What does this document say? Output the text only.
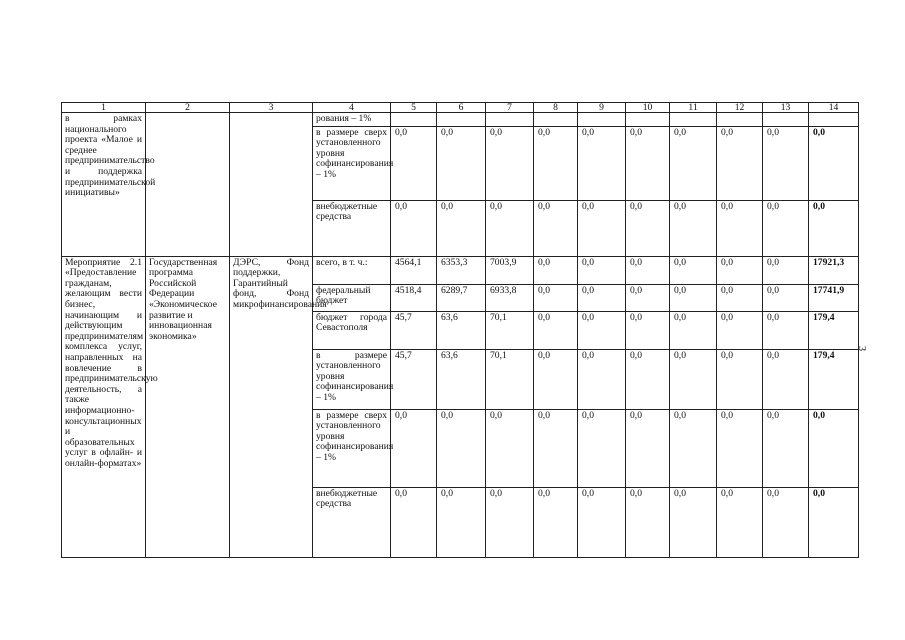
1	2	3	4	5	6	7	8	9	10	11	12	13	14
в рамках национального проекта «Малое и среднее предпринимательство и поддержка предпринимательской инициативы»			рования – 1%										
			в размере сверх установленного уровня софинансирования – 1%	0,0	0,0	0,0	0,0	0,0	0,0	0,0	0,0	0,0	0,0
			внебюджетные средства	0,0	0,0	0,0	0,0	0,0	0,0	0,0	0,0	0,0	0,0
Мероприятие 2.1 «Предоставление гражданам, желающим вести бизнес, начинающим и действующим предпринимателям комплекса услуг, направленных на вовлечение в предпринимательскую деятельность, а также информационно-консультационных и образовательных услуг в офлайн- и онлайн-форматах»	Государственная программа Российской Федерации «Экономическое развитие и инновационная экономика»	ДЭРС, Фонд поддержки, Гарантийный фонд, Фонд микрофинансирования	всего, в т. ч.:	4564,1	6353,3	7003,9	0,0	0,0	0,0	0,0	0,0	0,0	17921,3
			федеральный бюджет	4518,4	6289,7	6933,8	0,0	0,0	0,0	0,0	0,0	0,0	17741,9
			бюджет города Севастополя	45,7	63,6	70,1	0,0	0,0	0,0	0,0	0,0	0,0	179,4
			в размере установленного уровня софинансирования – 1%	45,7	63,6	70,1	0,0	0,0	0,0	0,0	0,0	0,0	179,4
			в размере сверх установленного уровня софинансирования – 1%	0,0	0,0	0,0	0,0	0,0	0,0	0,0	0,0	0,0	0,0
			внебюджетные средства	0,0	0,0	0,0	0,0	0,0	0,0	0,0	0,0	0,0	0,0
3
